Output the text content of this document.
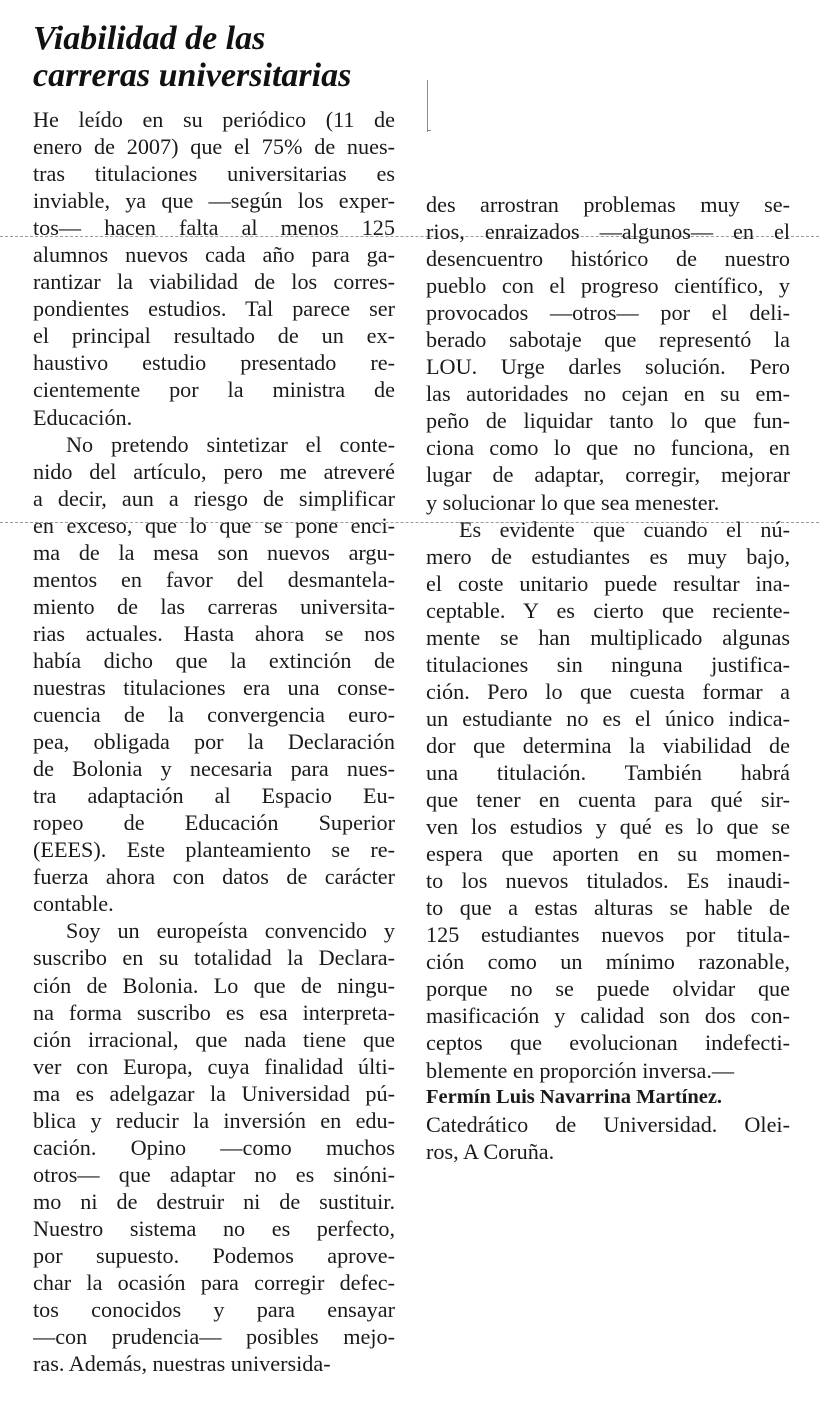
Viabilidad de las
carreras universitarias
He leído en su periódico (11 de
enero de 2007) que el 75% de nues-
tras titulaciones universitarias es
inviable, ya que —según los exper-
tos— hacen falta al menos 125
alumnos nuevos cada año para ga-
rantizar la viabilidad de los corres-
pondientes estudios. Tal parece ser
el principal resultado de un ex-
haustivo estudio presentado re-
cientemente por la ministra de
Educación.
No pretendo sintetizar el conte-
nido del artículo, pero me atreveré
a decir, aun a riesgo de simplificar
en exceso, que lo que se pone enci-
ma de la mesa son nuevos argu-
mentos en favor del desmantela-
miento de las carreras universita-
rias actuales. Hasta ahora se nos
había dicho que la extinción de
nuestras titulaciones era una conse-
cuencia de la convergencia euro-
pea, obligada por la Declaración
de Bolonia y necesaria para nues-
tra adaptación al Espacio Eu-
ropeo de Educación Superior
(EEES). Este planteamiento se re-
fuerza ahora con datos de carácter
contable.
Soy un europeísta convencido y
suscribo en su totalidad la Declara-
ción de Bolonia. Lo que de ningu-
na forma suscribo es esa interpreta-
ción irracional, que nada tiene que
ver con Europa, cuya finalidad últi-
ma es adelgazar la Universidad pú-
blica y reducir la inversión en edu-
cación. Opino —como muchos
otros— que adaptar no es sinóni-
mo ni de destruir ni de sustituir.
Nuestro sistema no es perfecto,
por supuesto. Podemos aprove-
char la ocasión para corregir defec-
tos conocidos y para ensayar
—con prudencia— posibles mejo-
ras. Además, nuestras universida-
des arrostran problemas muy se-
rios, enraizados —algunos— en el
desencuentro histórico de nuestro
pueblo con el progreso científico, y
provocados —otros— por el deli-
berado sabotaje que representó la
LOU. Urge darles solución. Pero
las autoridades no cejan en su em-
peño de liquidar tanto lo que fun-
ciona como lo que no funciona, en
lugar de adaptar, corregir, mejorar
y solucionar lo que sea menester.
Es evidente que cuando el nú-
mero de estudiantes es muy bajo,
el coste unitario puede resultar ina-
ceptable. Y es cierto que reciente-
mente se han multiplicado algunas
titulaciones sin ninguna justifica-
ción. Pero lo que cuesta formar a
un estudiante no es el único indica-
dor que determina la viabilidad de
una titulación. También habrá
que tener en cuenta para qué sir-
ven los estudios y qué es lo que se
espera que aporten en su momen-
to los nuevos titulados. Es inaudi-
to que a estas alturas se hable de
125 estudiantes nuevos por titula-
ción como un mínimo razonable,
porque no se puede olvidar que
masificación y calidad son dos con-
ceptos que evolucionan indefecti-
blemente en proporción inversa.—
Fermín Luis Navarrina Martínez.
Catedrático de Universidad. Olei-
ros, A Coruña.
